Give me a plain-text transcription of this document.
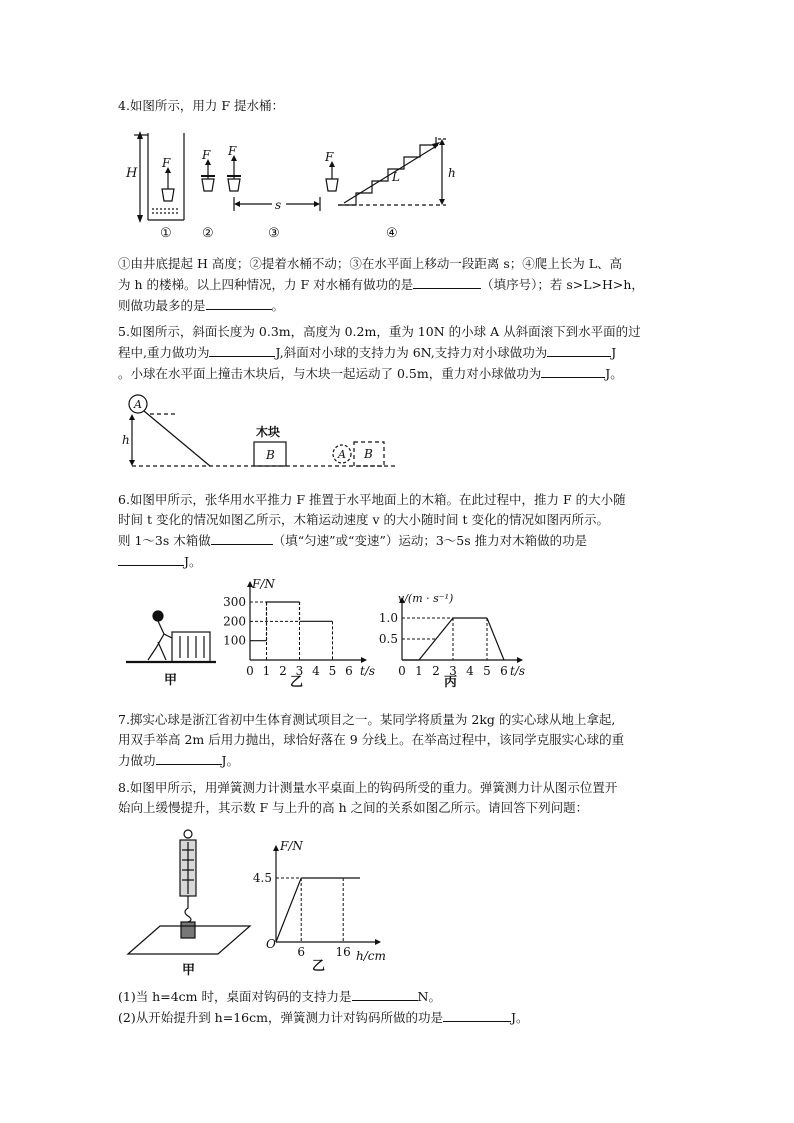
4.如图所示，用力 F 提水桶：

H
F
F F	F
s
L	h
① ②	③	④

①由井底提起 H 高度；②提着水桶不动；③在水平面上移动一段距离 s；④爬上长为 L、高
为 h 的楼梯。以上四种情况，力 F 对水桶有做功的是	（填序号）；若 s>L>H>h，
则做功最多的是	。

5.如图所示，斜面长度为 0.3m，高度为 0.2m，重为 10N 的小球 A 从斜面滚下到水平面的过
程中,重力做功为	J,斜面对小球的支持力为 6N,支持力对小球做功为	J
。小球在水平面上撞击木块后，与木块一起运动了 0.5m，重力对小球做功为	J。

A
h
木块
B	A B

6.如图甲所示，张华用水平推力 F 推置于水平地面上的木箱。在此过程中，推力 F 的大小随
时间 t 变化的情况如图乙所示，木箱运动速度 v 的大小随时间 t 变化的情况如图丙所示。
则 1～3s 木箱做	（填“匀速”或“变速”）运动；3～5s 推力对木箱做的功是
J。

甲
F/N
t/s
300
200
100
0 1 2 3 4 5 6
乙
v/(m · s⁻¹)
t/s
1.0
0.5
0 1 2 3 4 5 6
丙

7.掷实心球是浙江省初中生体育测试项目之一。某同学将质量为 2kg 的实心球从地上拿起,
用双手举高 2m 后用力抛出，球恰好落在 9 分线上。在举高过程中，该同学克服实心球的重
力做功	J。

8.如图甲所示，用弹簧测力计测量水平桌面上的钩码所受的重力。弹簧测力计从图示位置开
始向上缓慢提升，其示数 F 与上升的高 h 之间的关系如图乙所示。请回答下列问题：

甲
F/N
h/cm
4.5
O
6	16
乙

(1)当 h=4cm 时，桌面对钩码的支持力是	N。
(2)从开始提升到 h=16cm，弹簧测力计对钩码所做的功是	J。
